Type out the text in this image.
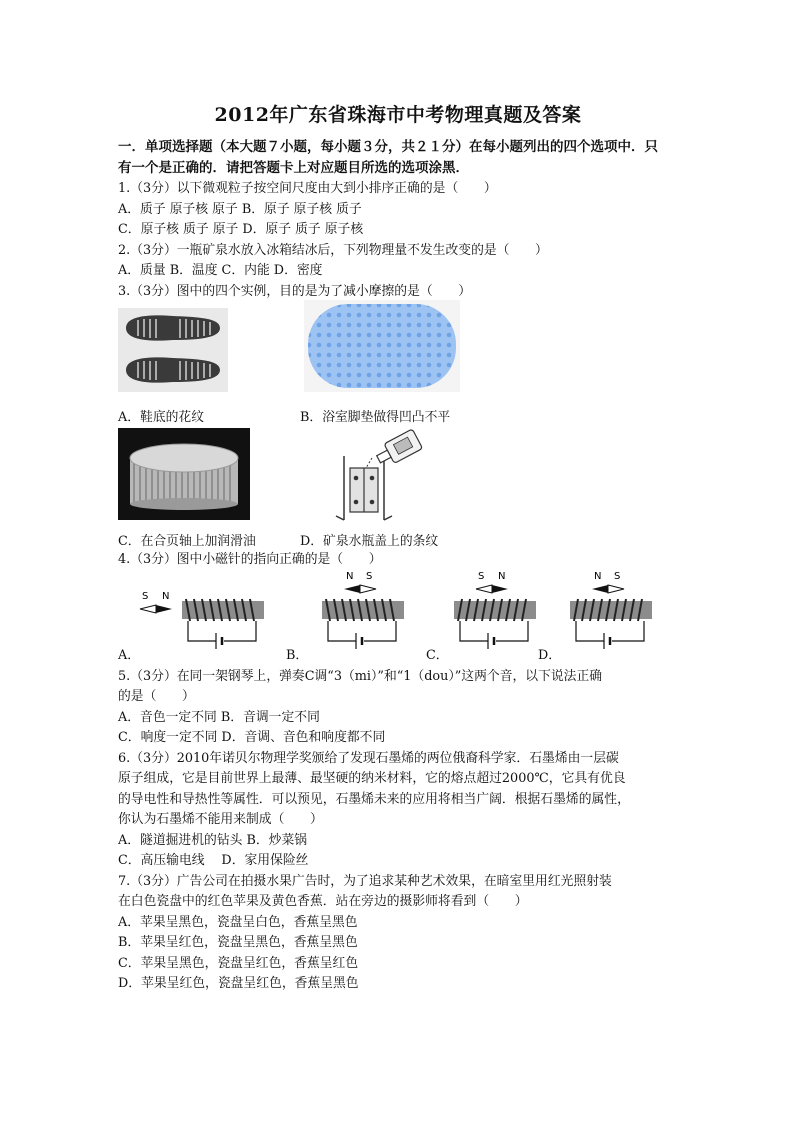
2012年广东省珠海市中考物理真题及答案

一．单项选择题（本大题７小题，每小题３分，共２１分）在每小题列出的四个选项中．只

有一个是正确的．请把答题卡上对应题目所选的选项涂黑．

1.（3分）以下微观粒子按空间尺度由大到小排序正确的是（　　）

A．质子 原子核 原子 B．原子 原子核 质子

C．原子核 质子 原子 D．原子 质子 原子核

2.（3分）一瓶矿泉水放入冰箱结冰后，下列物理量不发生改变的是（　　）

A．质量 B．温度 C．内能 D．密度

3.（3分）图中的四个实例，目的是为了减小摩擦的是（　　）

A．鞋底的花纹	B．浴室脚垫做得凹凸不平
C．在合页轴上加润滑油	D．矿泉水瓶盖上的条纹

4.（3分）图中小磁针的指向正确的是（　　）

S N
A．
N S
B．
S N
C．
N S
D．

5.（3分）在同一架钢琴上，弹奏C调“3（mi）”和“1（dou）”这两个音，以下说法正确

的是（　　）

A．音色一定不同 B．音调一定不同

C．响度一定不同 D．音调、音色和响度都不同

6.（3分）2010年诺贝尔物理学奖颁给了发现石墨烯的两位俄裔科学家．石墨烯由一层碳

原子组成，它是目前世界上最薄、最坚硬的纳米材料，它的熔点超过2000℃，它具有优良

的导电性和导热性等属性．可以预见，石墨烯未来的应用将相当广阔．根据石墨烯的属性，

你认为石墨烯不能用来制成（　　）

A．隧道掘进机的钻头 B．炒菜锅

C．高压输电线　 D．家用保险丝

7.（3分）广告公司在拍摄水果广告时，为了追求某种艺术效果，在暗室里用红光照射装

在白色瓷盘中的红色苹果及黄色香蕉．站在旁边的摄影师将看到（　　）

A．苹果呈黑色，瓷盘呈白色，香蕉呈黑色

B．苹果呈红色，瓷盘呈黑色，香蕉呈黑色

C．苹果呈黑色，瓷盘呈红色，香蕉呈红色

D．苹果呈红色，瓷盘呈红色，香蕉呈黑色
